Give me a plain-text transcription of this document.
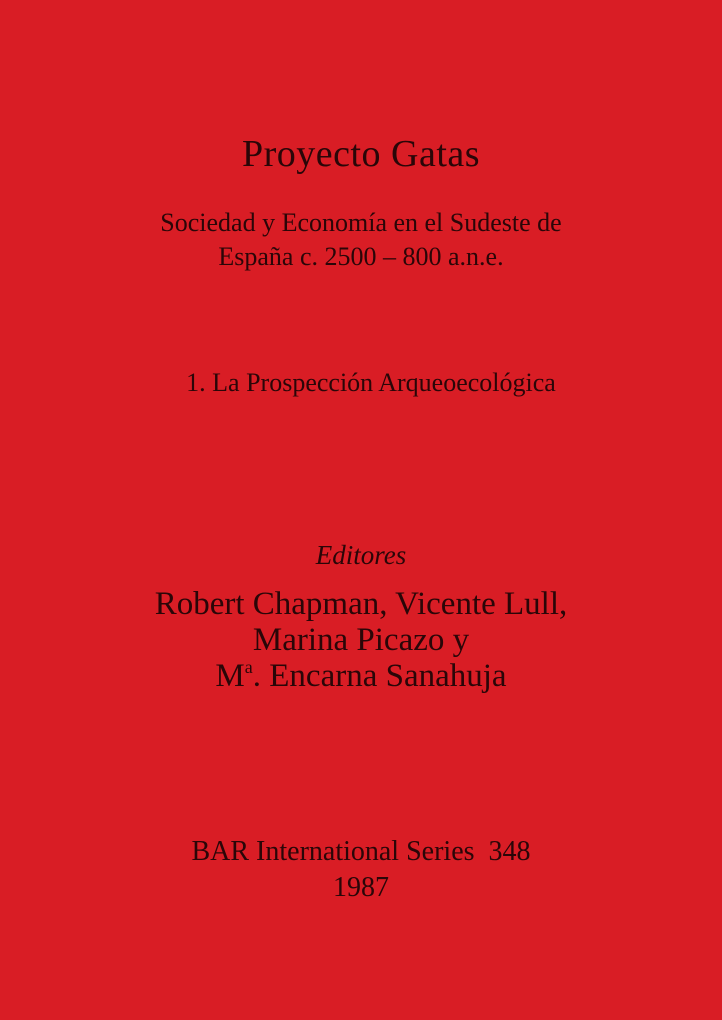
Proyecto Gatas
Sociedad y Economía en el Sudeste de
España c. 2500 – 800 a.n.e.
1. La Prospección Arqueoecológica
Editores
Robert Chapman, Vicente Lull,
Marina Picazo y
$M^a$. Encarna Sanahuja
BAR International Series  348
1987
